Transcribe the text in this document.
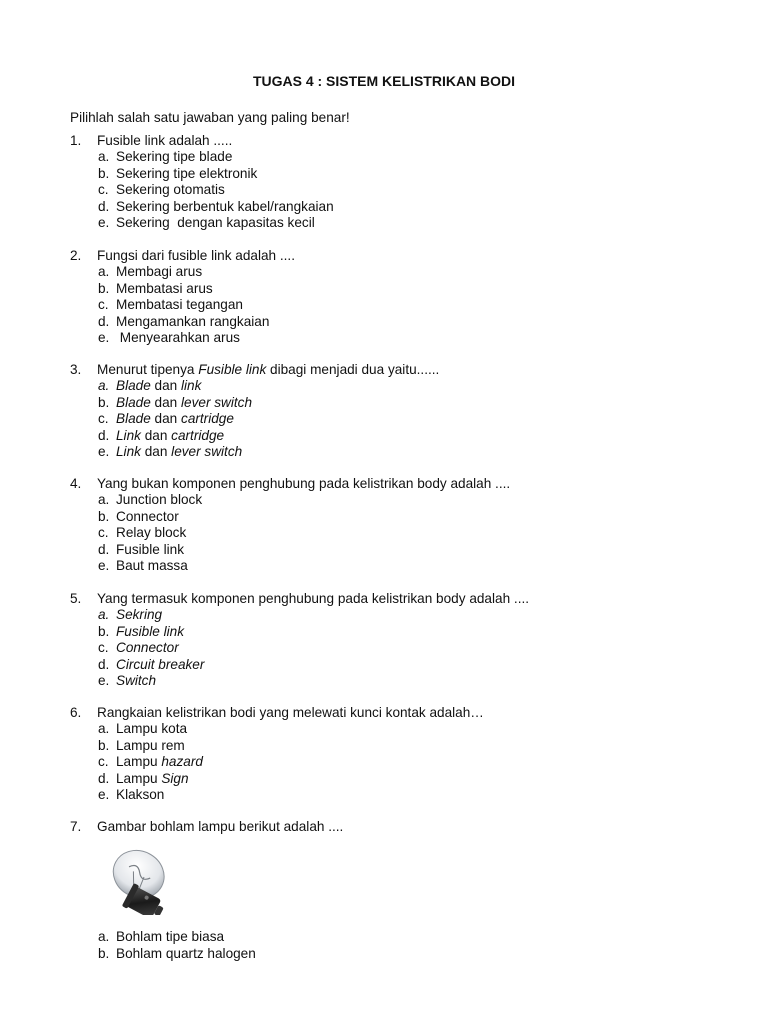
TUGAS 4 : SISTEM KELISTRIKAN BODI
Pilihlah salah satu jawaban yang paling benar!
1. Fusible link adalah .....
a. Sekering tipe blade
b. Sekering tipe elektronik
c. Sekering otomatis
d. Sekering berbentuk kabel/rangkaian
e. Sekering  dengan kapasitas kecil
2. Fungsi dari fusible link adalah ....
a. Membagi arus
b. Membatasi arus
c. Membatasi tegangan
d. Mengamankan rangkaian
e. Menyearahkan arus
3. Menurut tipenya Fusible link dibagi menjadi dua yaitu......
a. Blade dan link
b. Blade dan lever switch
c. Blade dan cartridge
d. Link dan cartridge
e. Link dan lever switch
4. Yang bukan komponen penghubung pada kelistrikan body adalah ....
a. Junction block
b. Connector
c. Relay block
d. Fusible link
e. Baut massa
5. Yang termasuk komponen penghubung pada kelistrikan body adalah ....
a. Sekring
b. Fusible link
c. Connector
d. Circuit breaker
e. Switch
6. Rangkaian kelistrikan bodi yang melewati kunci kontak adalah…
a. Lampu kota
b. Lampu rem
c. Lampu hazard
d. Lampu Sign
e. Klakson
7. Gambar bohlam lampu berikut adalah ....
a. Bohlam tipe biasa
b. Bohlam quartz halogen
